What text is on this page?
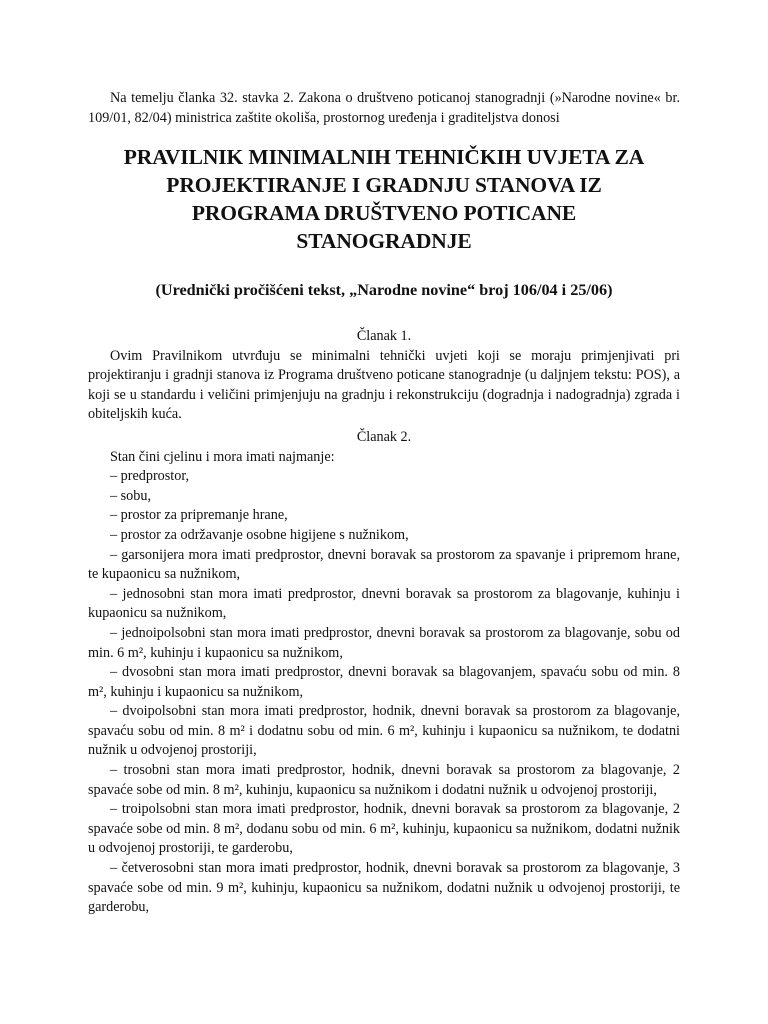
Na temelju članka 32. stavka 2. Zakona o društveno poticanoj stanogradnji (»Narodne novine« br. 109/01, 82/04) ministrica zaštite okoliša, prostornog uređenja i graditeljstva donosi

PRAVILNIK MINIMALNIH TEHNIČKIH UVJETA ZA
PROJEKTIRANJE I GRADNJU STANOVA IZ
PROGRAMA DRUŠTVENO POTICANE
STANOGRADNJE

(Urednički pročišćeni tekst, „Narodne novine“ broj 106/04 i 25/06)

Članak 1.

Ovim Pravilnikom utvrđuju se minimalni tehnički uvjeti koji se moraju primjenjivati pri projektiranju i gradnji stanova iz Programa društveno poticane stanogradnje (u daljnjem tekstu: POS), a koji se u standardu i veličini primjenjuju na gradnju i rekonstrukciju (dogradnja i nadogradnja) zgrada i obiteljskih kuća.

Članak 2.

Stan čini cjelinu i mora imati najmanje:

– predprostor,

– sobu,

– prostor za pripremanje hrane,

– prostor za održavanje osobne higijene s nužnikom,

– garsonijera mora imati predprostor, dnevni boravak sa prostorom za spavanje i pripremom hrane, te kupaonicu sa nužnikom,

– jednosobni stan mora imati predprostor, dnevni boravak sa prostorom za blagovanje, kuhinju i kupaonicu sa nužnikom,

– jednoipolsobni stan mora imati predprostor, dnevni boravak sa prostorom za blagovanje, sobu od min. 6 m², kuhinju i kupaonicu sa nužnikom,

– dvosobni stan mora imati predprostor, dnevni boravak sa blagovanjem, spavaću sobu od min. 8 m², kuhinju i kupaonicu sa nužnikom,

– dvoipolsobni stan mora imati predprostor, hodnik, dnevni boravak sa prostorom za blagovanje, spavaću sobu od min. 8 m² i dodatnu sobu od min. 6 m², kuhinju i kupaonicu sa nužnikom, te dodatni nužnik u odvojenoj prostoriji,

– trosobni stan mora imati predprostor, hodnik, dnevni boravak sa prostorom za blagovanje, 2 spavaće sobe od min. 8 m², kuhinju, kupaonicu sa nužnikom i dodatni nužnik u odvojenoj prostoriji,

– troipolsobni stan mora imati predprostor, hodnik, dnevni boravak sa prostorom za blagovanje, 2 spavaće sobe od min. 8 m², dodanu sobu od min. 6 m², kuhinju, kupaonicu sa nužnikom, dodatni nužnik u odvojenoj prostoriji, te garderobu,

– četverosobni stan mora imati predprostor, hodnik, dnevni boravak sa prostorom za blagovanje, 3 spavaće sobe od min. 9 m², kuhinju, kupaonicu sa nužnikom, dodatni nužnik u odvojenoj prostoriji, te garderobu,
